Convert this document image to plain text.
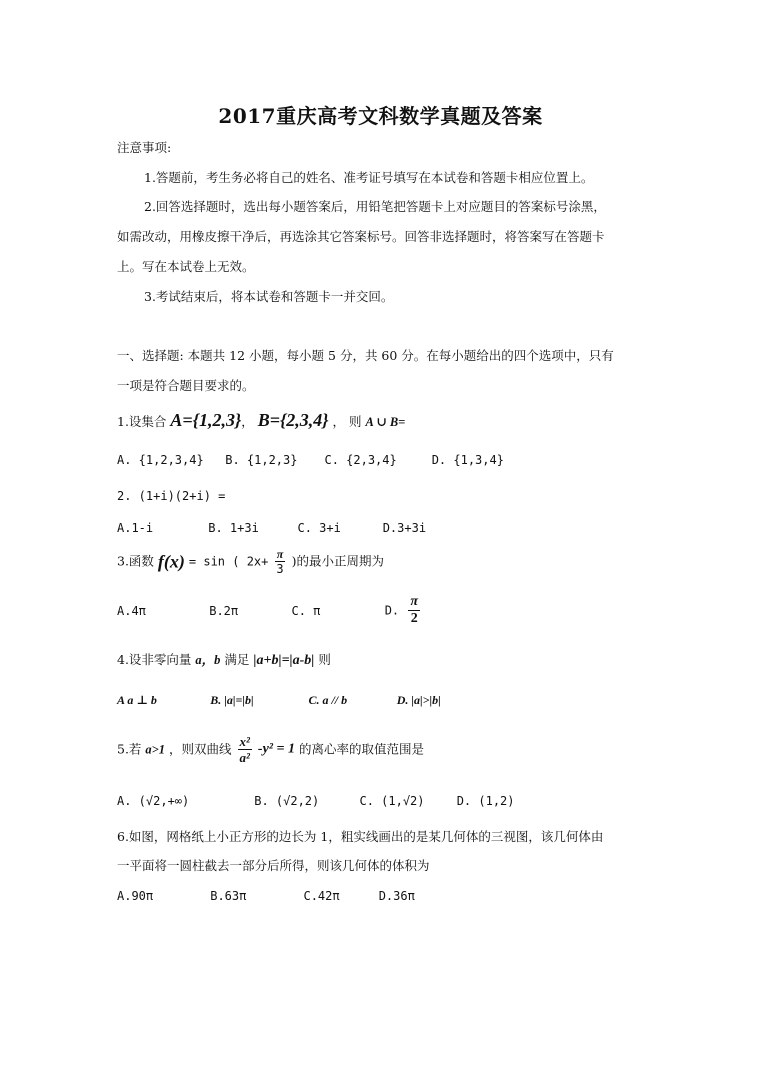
2017重庆高考文科数学真题及答案
注意事项:
1.答题前，考生务必将自己的姓名、准考证号填写在本试卷和答题卡相应位置上。
2.回答选择题时，选出每小题答案后，用铅笔把答题卡上对应题目的答案标号涂黑，
如需改动，用橡皮擦干净后，再选涂其它答案标号。回答非选择题时，将答案写在答题卡
上。写在本试卷上无效。
3.考试结束后，将本试卷和答题卡一并交回。
一、选择题: 本题共 12 小题，每小题 5 分，共 60 分。在每小题给出的四个选项中，只有
一项是符合题目要求的。
1.设集合 A={1,2,3}， B={2,3,4} ， 则 A ∪ B=
A. {1,2,3,4} B. {1,2,3} C. {2,3,4}	D. {1,3,4}
2. (1+i)(2+i) =
A.1-i	B. 1+3i	C. 3+i	D.3+3i
3.函数 f(x) = sin ( $2x+ \frac{\pi}{3}$ )的最小正周期为
A.4π	B.2π	C. π	D. $\frac{\pi}{2}$
4.设非零向量 a，b 满足 |a+b|=|a-b| 则
A a ⊥ b	B. |a|=|b|	C. a // b	D. |a|>|b|
5.若 a>1 ，则双曲线 $\frac{\text{x²}}{\text{a²}} -y^2 = 1$ 的离心率的取值范围是
A. (√2,+∞)	B. (√2,2)	C. (1,√2)	D. (1,2)
6.如图，网格纸上小正方形的边长为 1，粗实线画出的是某几何体的三视图，该几何体由
一平面将一圆柱截去一部分后所得，则该几何体的体积为
A.90π	B.63π	C.42π	D.36π
